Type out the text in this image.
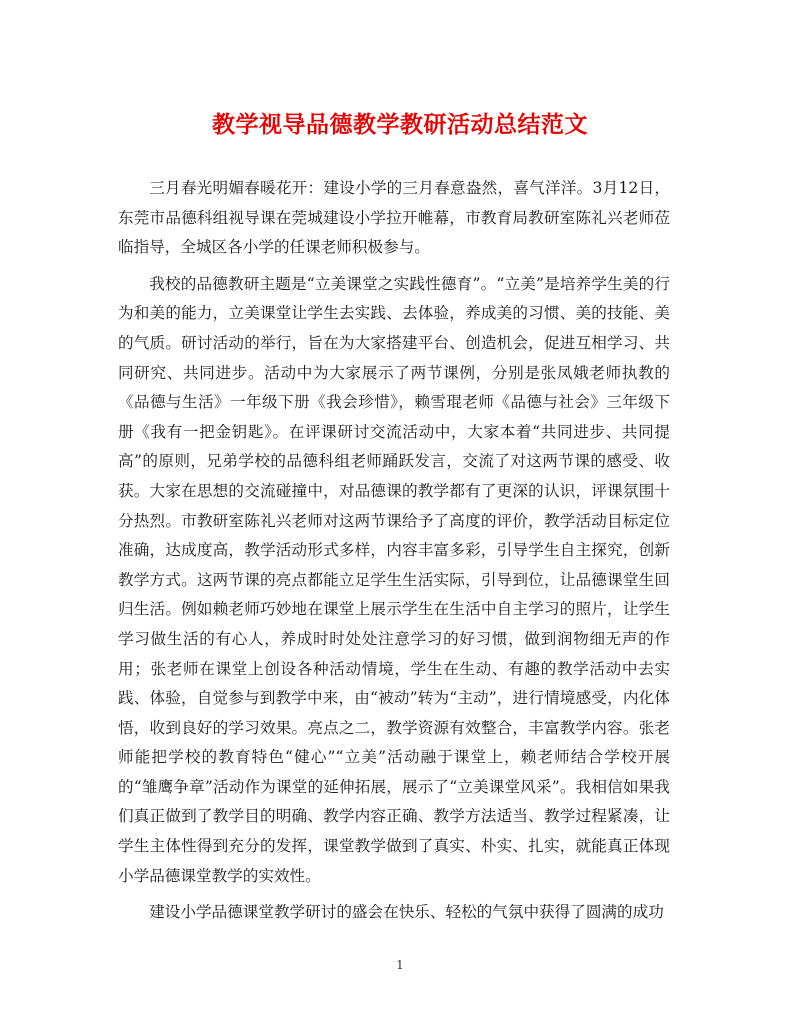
教学视导品德教学教研活动总结范文

三月春光明媚春暖花开：建设小学的三月春意盎然，喜气洋洋。3月12日，东莞市品德科组视导课在莞城建设小学拉开帷幕，市教育局教研室陈礼兴老师莅临指导，全城区各小学的任课老师积极参与。

我校的品德教研主题是“立美课堂之实践性德育”。“立美”是培养学生美的行为和美的能力，立美课堂让学生去实践、去体验，养成美的习惯、美的技能、美的气质。研讨活动的举行，旨在为大家搭建平台、创造机会，促进互相学习、共同研究、共同进步。活动中为大家展示了两节课例，分别是张凤娥老师执教的《品德与生活》一年级下册《我会珍惜》，赖雪琨老师《品德与社会》三年级下册《我有一把金钥匙》。在评课研讨交流活动中，大家本着“共同进步、共同提高”的原则，兄弟学校的品德科组老师踊跃发言，交流了对这两节课的感受、收获。大家在思想的交流碰撞中，对品德课的教学都有了更深的认识，评课氛围十分热烈。市教研室陈礼兴老师对这两节课给予了高度的评价，教学活动目标定位准确，达成度高，教学活动形式多样，内容丰富多彩，引导学生自主探究，创新教学方式。这两节课的亮点都能立足学生生活实际，引导到位，让品德课堂生回归生活。例如赖老师巧妙地在课堂上展示学生在生活中自主学习的照片，让学生学习做生活的有心人，养成时时处处注意学习的好习惯，做到润物细无声的作用；张老师在课堂上创设各种活动情境，学生在生动、有趣的教学活动中去实践、体验，自觉参与到教学中来，由“被动”转为“主动”，进行情境感受，内化体悟，收到良好的学习效果。亮点之二，教学资源有效整合，丰富教学内容。张老师能把学校的教育特色“健心”“立美”活动融于课堂上，赖老师结合学校开展的“雏鹰争章”活动作为课堂的延伸拓展，展示了“立美课堂风采”。我相信如果我们真正做到了教学目的明确、教学内容正确、教学方法适当、教学过程紧凑，让学生主体性得到充分的发挥，课堂教学做到了真实、朴实、扎实，就能真正体现小学品德课堂教学的实效性。

建设小学品德课堂教学研讨的盛会在快乐、轻松的气氛中获得了圆满的成功

1
